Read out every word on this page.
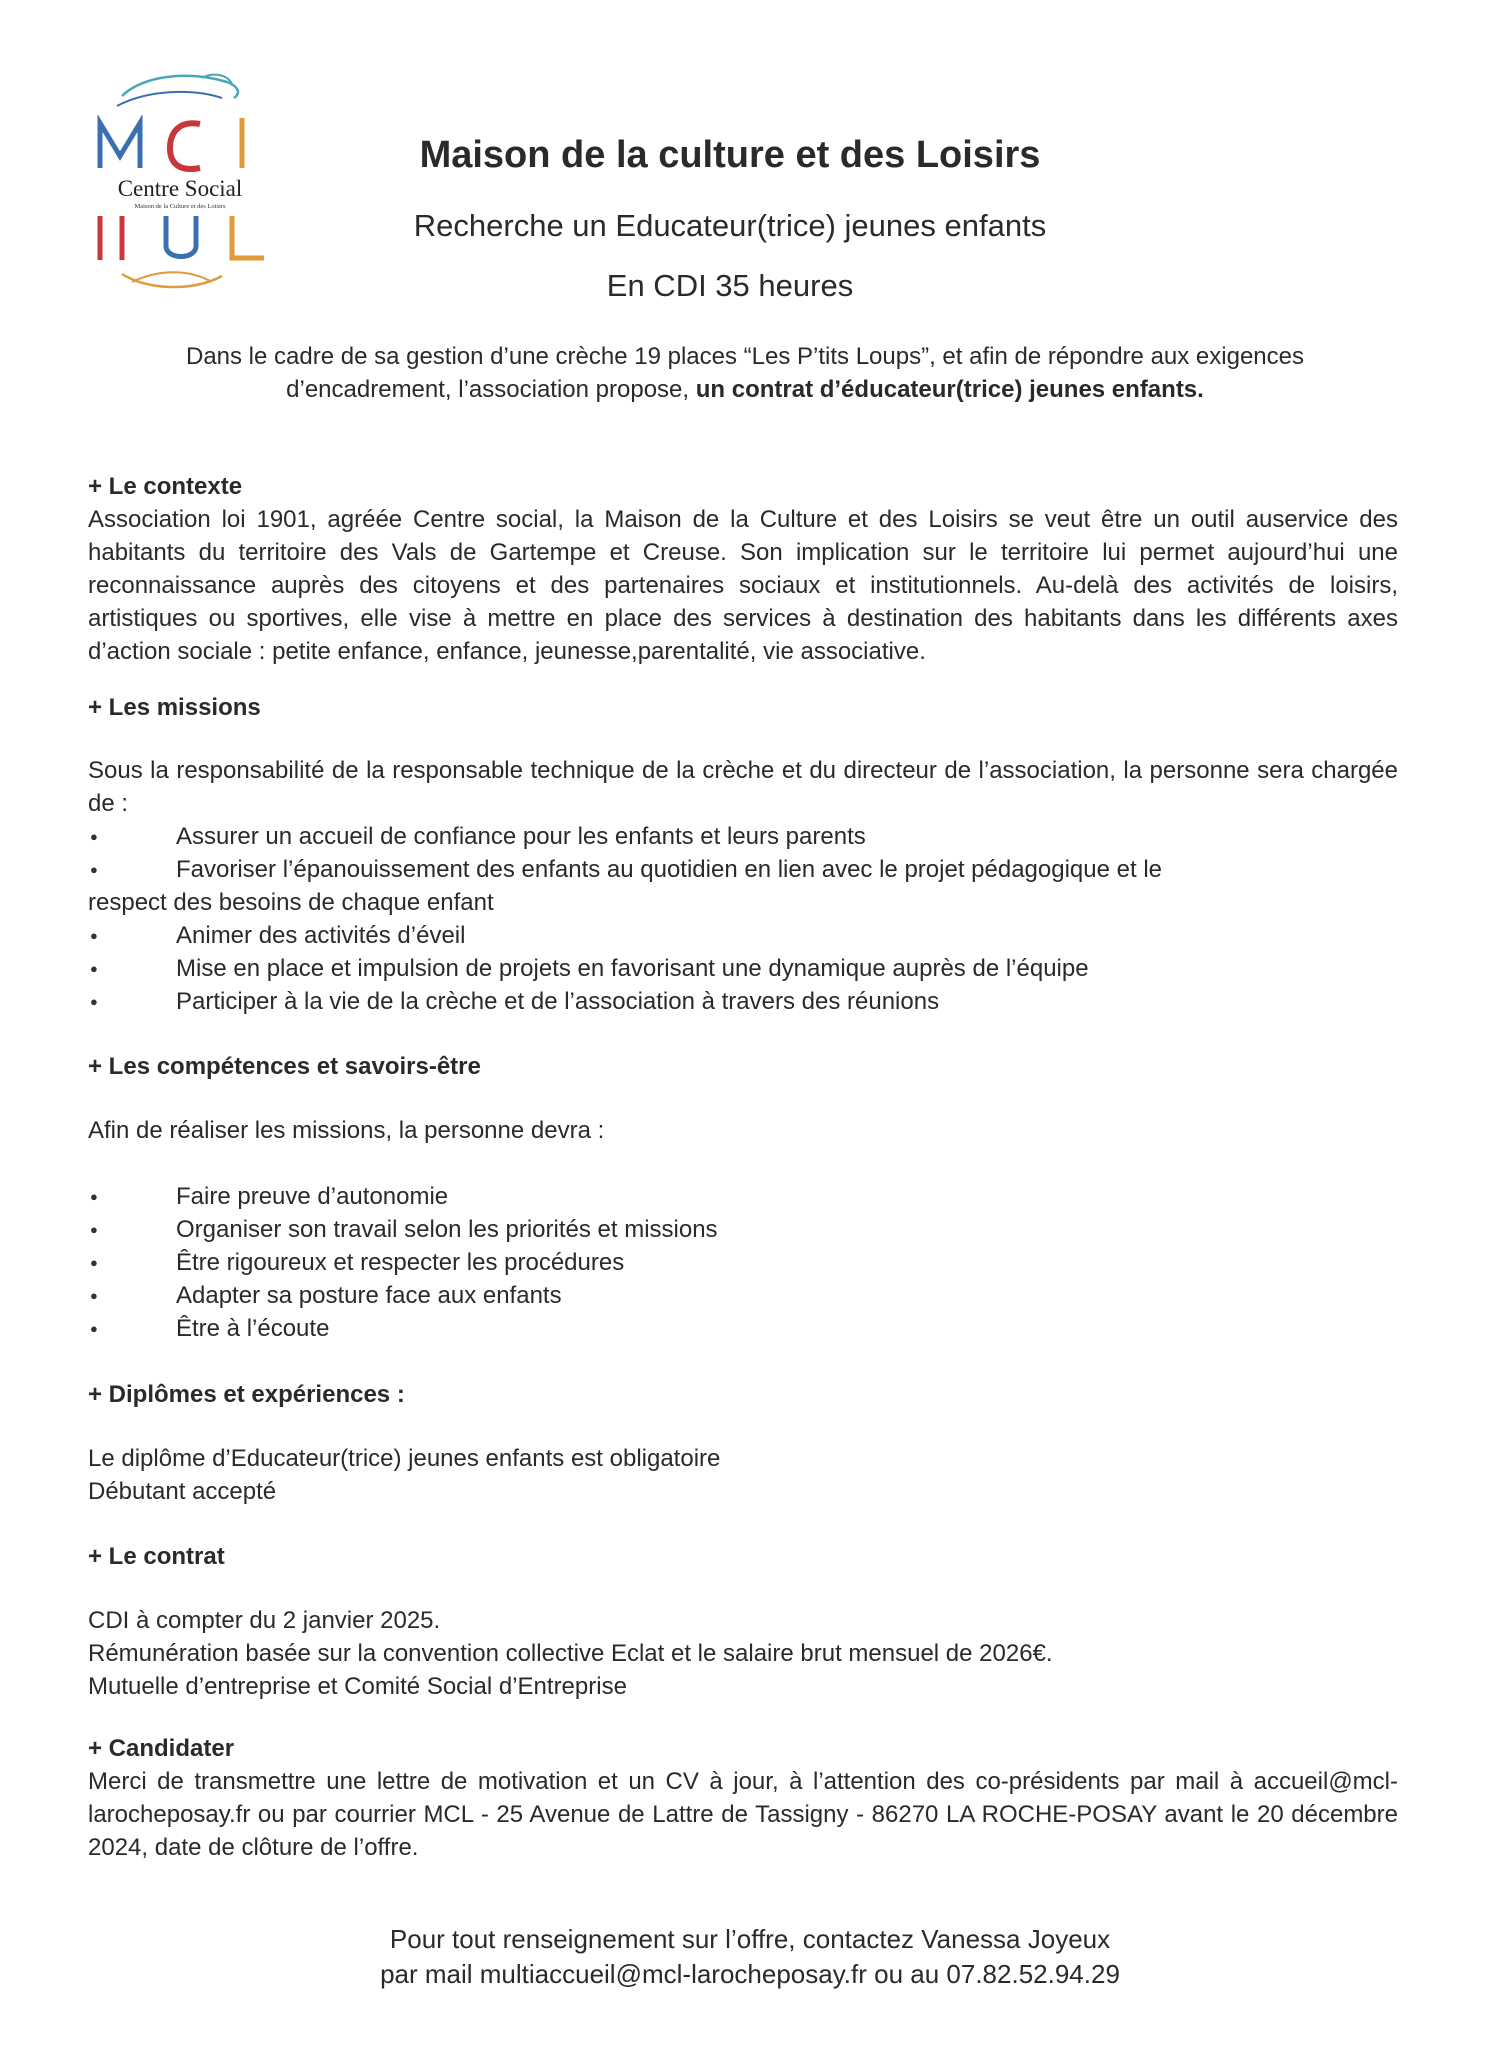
Centre Social
Maison de la Culture et des Loisirs
Maison de la culture et des Loisirs
Recherche un Educateur(trice) jeunes enfants
En CDI 35 heures
Dans le cadre de sa gestion d’une crèche 19 places “Les P’tits Loups”, et afin de répondre aux exigences
d’encadrement, l’association propose, un contrat d’éducateur(trice) jeunes enfants.
+ Le contexte
Association loi 1901, agréée Centre social, la Maison de la Culture et des Loisirs se veut être un outil auservice des habitants du territoire des Vals de Gartempe et Creuse. Son implication sur le territoire lui permet aujourd’hui une reconnaissance auprès des citoyens et des partenaires sociaux et institutionnels. Au-delà des activités de loisirs, artistiques ou sportives, elle vise à mettre en place des services à destination des habitants dans les différents axes d’action sociale : petite enfance, enfance, jeunesse,parentalité, vie associative.
+ Les missions
Sous la responsabilité de la responsable technique de la crèche et du directeur de l’association, la personne sera chargée de :
● Assurer un accueil de confiance pour les enfants et leurs parents
● Favoriser l’épanouissement des enfants au quotidien en lien avec le projet pédagogique et le
respect des besoins de chaque enfant
● Animer des activités d’éveil
● Mise en place et impulsion de projets en favorisant une dynamique auprès de l’équipe
● Participer à la vie de la crèche et de l’association à travers des réunions
+ Les compétences et savoirs-être
Afin de réaliser les missions, la personne devra :
● Faire preuve d’autonomie
● Organiser son travail selon les priorités et missions
● Être rigoureux et respecter les procédures
● Adapter sa posture face aux enfants
● Être à l’écoute
+ Diplômes et expériences :
Le diplôme d’Educateur(trice) jeunes enfants est obligatoire
Débutant accepté
+ Le contrat
CDI à compter du 2 janvier 2025.
Rémunération basée sur la convention collective Eclat et le salaire brut mensuel de 2026€.
Mutuelle d’entreprise et Comité Social d’Entreprise
+ Candidater
Merci de transmettre une lettre de motivation et un CV à jour, à l’attention des co-présidents par mail à accueil@mcl-larocheposay.fr ou par courrier MCL - 25 Avenue de Lattre de Tassigny - 86270 LA ROCHE-POSAY avant le 20 décembre 2024, date de clôture de l’offre.
Pour tout renseignement sur l’offre, contactez Vanessa Joyeux
par mail multiaccueil@mcl-larocheposay.fr ou au 07.82.52.94.29
